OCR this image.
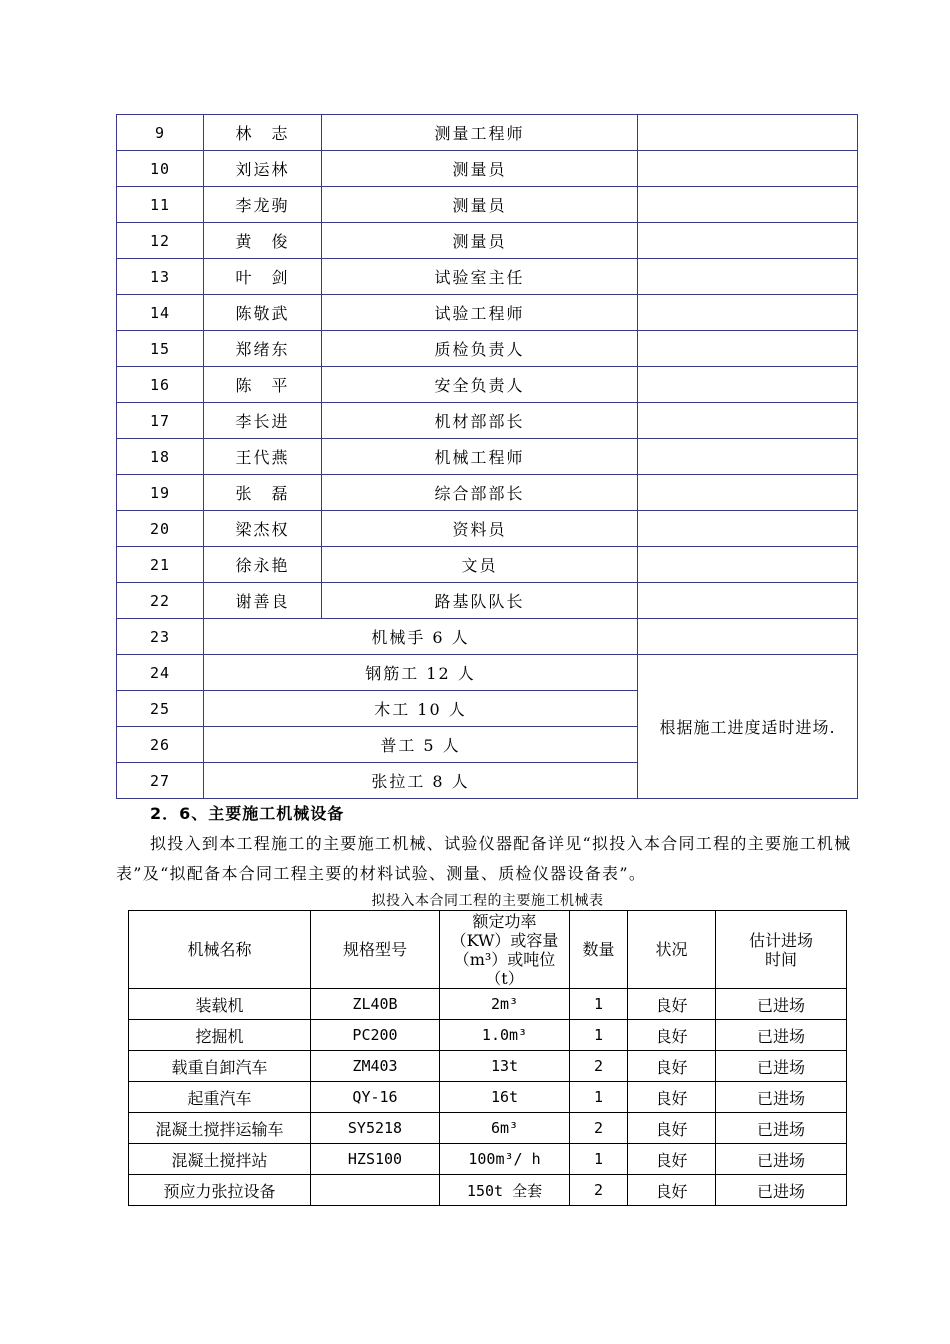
9	林　志	测量工程师	
10	刘运林	测量员	
11	李龙驹	测量员	
12	黄　俊	测量员	
13	叶　剑	试验室主任	
14	陈敬武	试验工程师	
15	郑绪东	质检负责人	
16	陈　平	安全负责人	
17	李长进	机材部部长	
18	王代燕	机械工程师	
19	张　磊	综合部部长	
20	梁杰权	资料员	
21	徐永艳	文员	
22	谢善良	路基队队长	
23	机械手 6 人		
24	钢筋工 12 人		根据施工进度适时进场.
25	木工 10 人		
26	普工 5 人		
27	张拉工 8 人		
2．6、主要施工机械设备
拟投入到本工程施工的主要施工机械、试验仪器配备详见“拟投入本合同工程的主要施工机械表”及“拟配备本合同工程主要的材料试验、测量、质检仪器设备表”。
拟投入本合同工程的主要施工机械表
机械名称	规格型号	额定功率（KW）或容量（m³）或吨位（t）	数量	状况	估计进场时间
装载机	ZL40B	2m³	1	良好	已进场
挖掘机	PC200	1.0m³	1	良好	已进场
载重自卸汽车	ZM403	13t	2	良好	已进场
起重汽车	QY-16	16t	1	良好	已进场
混凝土搅拌运输车	SY5218	6m³	2	良好	已进场
混凝土搅拌站	HZS100	100m³/ h	1	良好	已进场
预应力张拉设备		150t 全套	2	良好	已进场
